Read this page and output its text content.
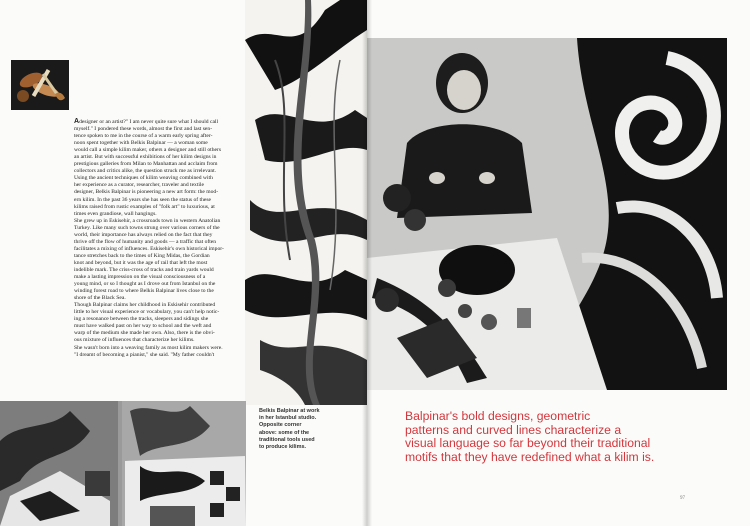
Adesigner or an artist?" I am never quite sure what I should call
myself." I pondered these words, almost the first and last sen-
tence spoken to me in the course of a warm early spring after-
noon spent together with Belkis Balpinar — a woman some
would call a simple kilim maker, others a designer and still others
an artist. But with successful exhibitions of her kilim designs in
prestigious galleries from Milan to Manhattan and acclaim from
collectors and critics alike, the question struck me as irrelevant.
Using the ancient techniques of kilim weaving combined with
her experience as a curator, researcher, traveler and textile
designer, Belkis Balpinar is pioneering a new art form: the mod-
ern kilim. In the past 36 years she has seen the status of these
kilims raised from rustic examples of "folk art" to luxurious, at
times even grandiose, wall hangings.

She grew up in Eskisehir, a crossroads town in western Anatolian
Turkey. Like many such towns strung over various corners of the
world, their importance has always relied on the fact that they
thrive off the flow of humanity and goods — a traffic that often
facilitates a mixing of influences. Eskisehir's own historical impor-
tance stretches back to the times of King Midas, the Gordian
knot and beyond, but it was the age of rail that left the most
indelible mark. The criss-cross of tracks and train yards would
make a lasting impression on the visual consciousness of a
young mind, or so I thought as I drove out from Istanbul on the
winding forest road to where Belkis Balpinar lives close to the
shore of the Black Sea.

Though Balpinar claims her childhood in Eskisehir contributed
little to her visual experience or vocabulary, you can't help notic-
ing a resonance between the tracks, sleepers and sidings she
must have walked past on her way to school and the weft and
warp of the medium she made her own. Also, there is the obvi-
ous mixture of influences that characterize her kilims.

She wasn't born into a weaving family as most kilim makers were.
"I dreamt of becoming a pianist," she said. "My father couldn't

Belkis Balpinar at work
in her Istanbul studio.
Opposite corner
above: some of the
traditional tools used
to produce kilims.
Balpinar's bold designs, geometric
patterns and curved lines characterize a
visual language so far beyond their traditional
motifs that they have redefined what a kilim is.
97
